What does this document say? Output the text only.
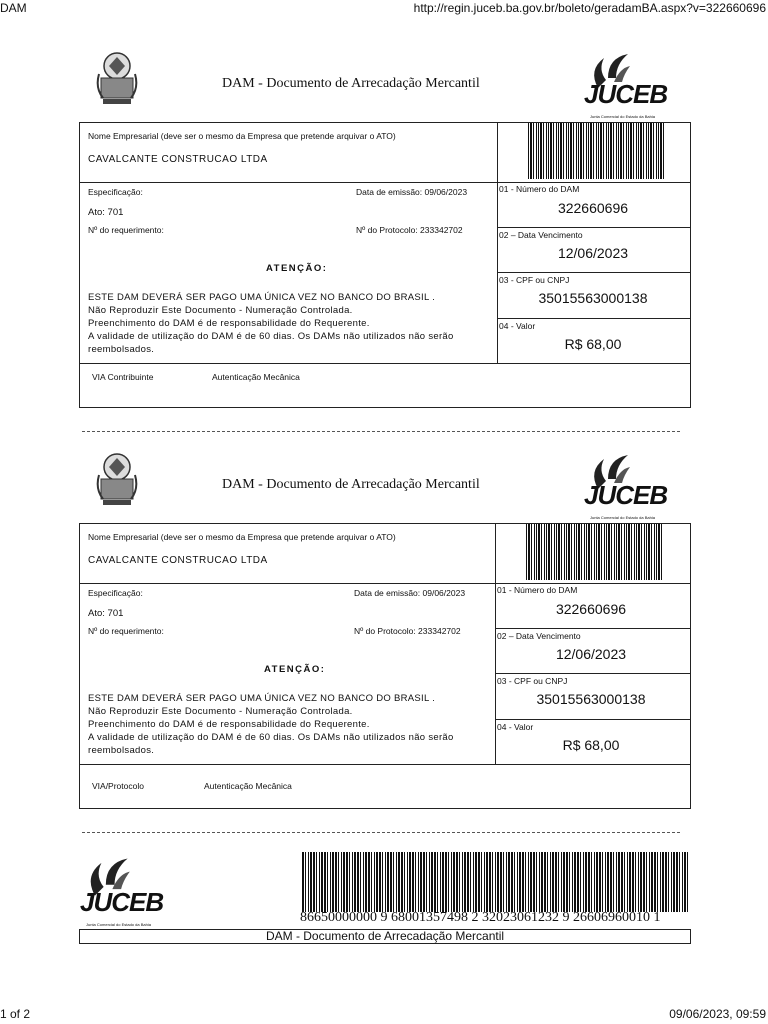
DAM	http://regin.juceb.ba.gov.br/boleto/geradamBA.aspx?v=322660696
1 of 2	09/06/2023, 09:59
DAM - Documento de Arrecadação Mercantil	JUCEB
Junta Comercial do Estado da Bahia
Nome Empresarial (deve ser o mesmo da Empresa que pretende arquivar o ATO)
CAVALCANTE CONSTRUCAO LTDA
Especificação:	Data de emissão: 09/06/2023
Ato: 701
Nº do requerimento:	Nº do Protocolo: 233342702
ATENÇÃO:
ESTE DAM DEVERÁ SER PAGO UMA ÚNICA VEZ NO BANCO DO BRASIL .
Não Reproduzir Este Documento - Numeração Controlada.
Preenchimento do DAM é de responsabilidade do Requerente.
A validade de utilização do DAM é de 60 dias. Os DAMs não utilizados não serão reembolsados.
01 - Número do DAM
322660696
02 – Data Vencimento
12/06/2023
03 - CPF ou CNPJ
35015563000138
04 - Valor
R$ 68,00
VIA Contribuinte	Autenticação Mecânica
DAM - Documento de Arrecadação Mercantil	JUCEB
Junta Comercial do Estado da Bahia
Nome Empresarial (deve ser o mesmo da Empresa que pretende arquivar o ATO)
CAVALCANTE CONSTRUCAO LTDA
Especificação:	Data de emissão: 09/06/2023
Ato: 701
Nº do requerimento:	Nº do Protocolo: 233342702
ATENÇÃO:
ESTE DAM DEVERÁ SER PAGO UMA ÚNICA VEZ NO BANCO DO BRASIL .
Não Reproduzir Este Documento - Numeração Controlada.
Preenchimento do DAM é de responsabilidade do Requerente.
A validade de utilização do DAM é de 60 dias. Os DAMs não utilizados não serão reembolsados.
01 - Número do DAM
322660696
02 – Data Vencimento
12/06/2023
03 - CPF ou CNPJ
35015563000138
04 - Valor
R$ 68,00
VIA/Protocolo	Autenticação Mecânica
JUCEB
Junta Comercial do Estado da Bahia	86650000000 9 68001357498 2 32023061232 9 26606960010 1
DAM - Documento de Arrecadação Mercantil
